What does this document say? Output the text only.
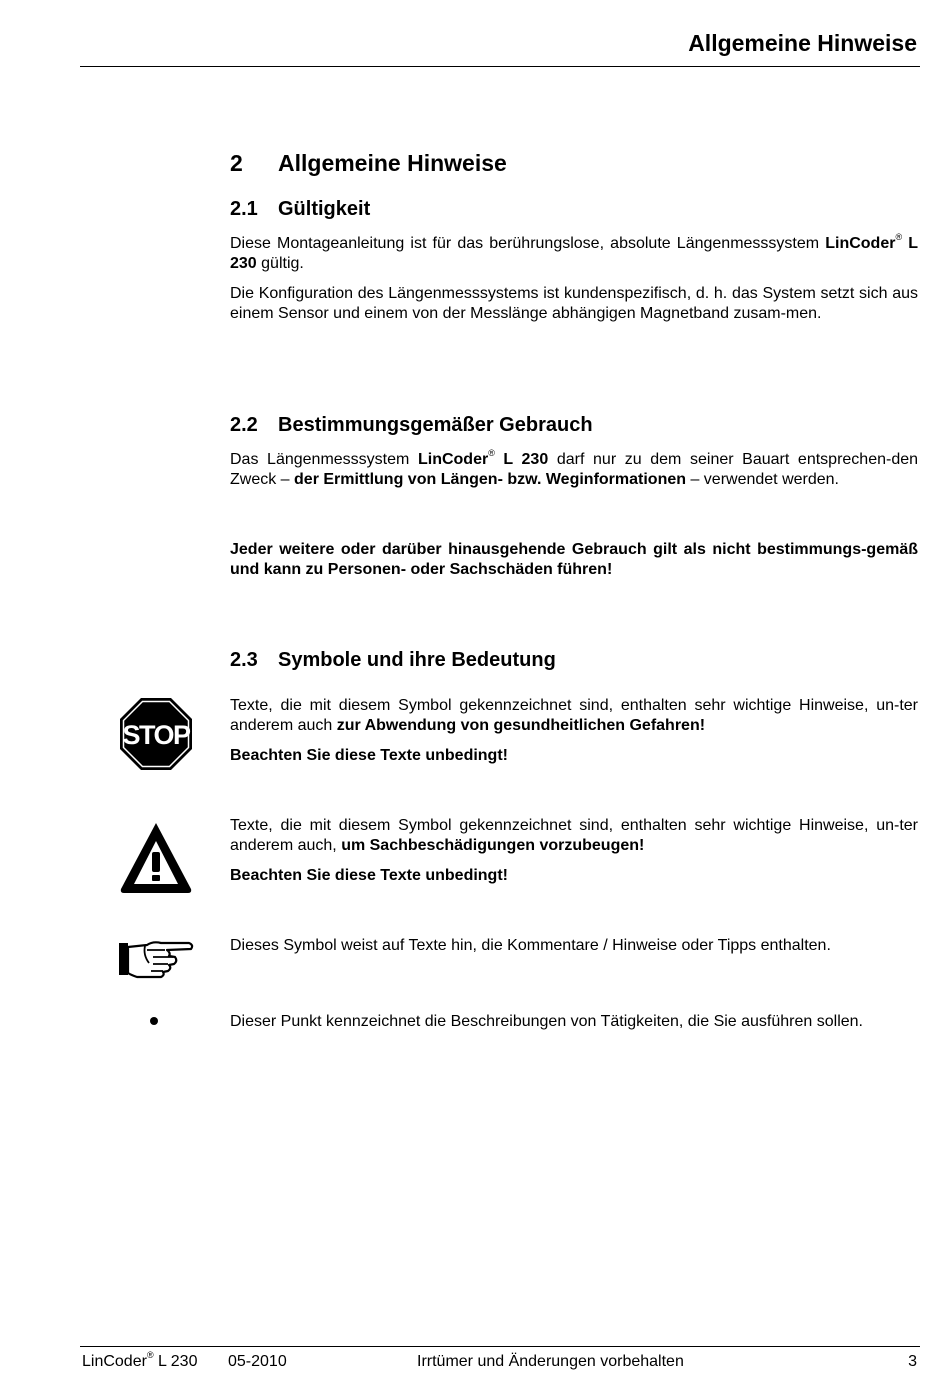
Allgemeine Hinweise
2 Allgemeine Hinweise
2.1 Gültigkeit
Diese Montageanleitung ist für das berührungslose, absolute Längenmesssystem LinCoder® L 230 gültig.
Die Konfiguration des Längenmesssystems ist kundenspezifisch, d. h. das System setzt sich aus einem Sensor und einem von der Messlänge abhängigen Magnetband zusam-men.
2.2 Bestimmungsgemäßer Gebrauch
Das Längenmesssystem LinCoder® L 230 darf nur zu dem seiner Bauart entsprechen-den Zweck – der Ermittlung von Längen- bzw. Weginformationen – verwendet werden.
Jeder weitere oder darüber hinausgehende Gebrauch gilt als nicht bestimmungs-gemäß und kann zu Personen- oder Sachschäden führen!
2.3 Symbole und ihre Bedeutung
STOP
Texte, die mit diesem Symbol gekennzeichnet sind, enthalten sehr wichtige Hinweise, un-ter anderem auch zur Abwendung von gesundheitlichen Gefahren!
Beachten Sie diese Texte unbedingt!
Texte, die mit diesem Symbol gekennzeichnet sind, enthalten sehr wichtige Hinweise, un-ter anderem auch, um Sachbeschädigungen vorzubeugen!
Beachten Sie diese Texte unbedingt!
Dieses Symbol weist auf Texte hin, die Kommentare / Hinweise oder Tipps enthalten.
Dieser Punkt kennzeichnet die Beschreibungen von Tätigkeiten, die Sie ausführen sollen.
LinCoder® L 230 05-2010	Irrtümer und Änderungen vorbehalten	3
